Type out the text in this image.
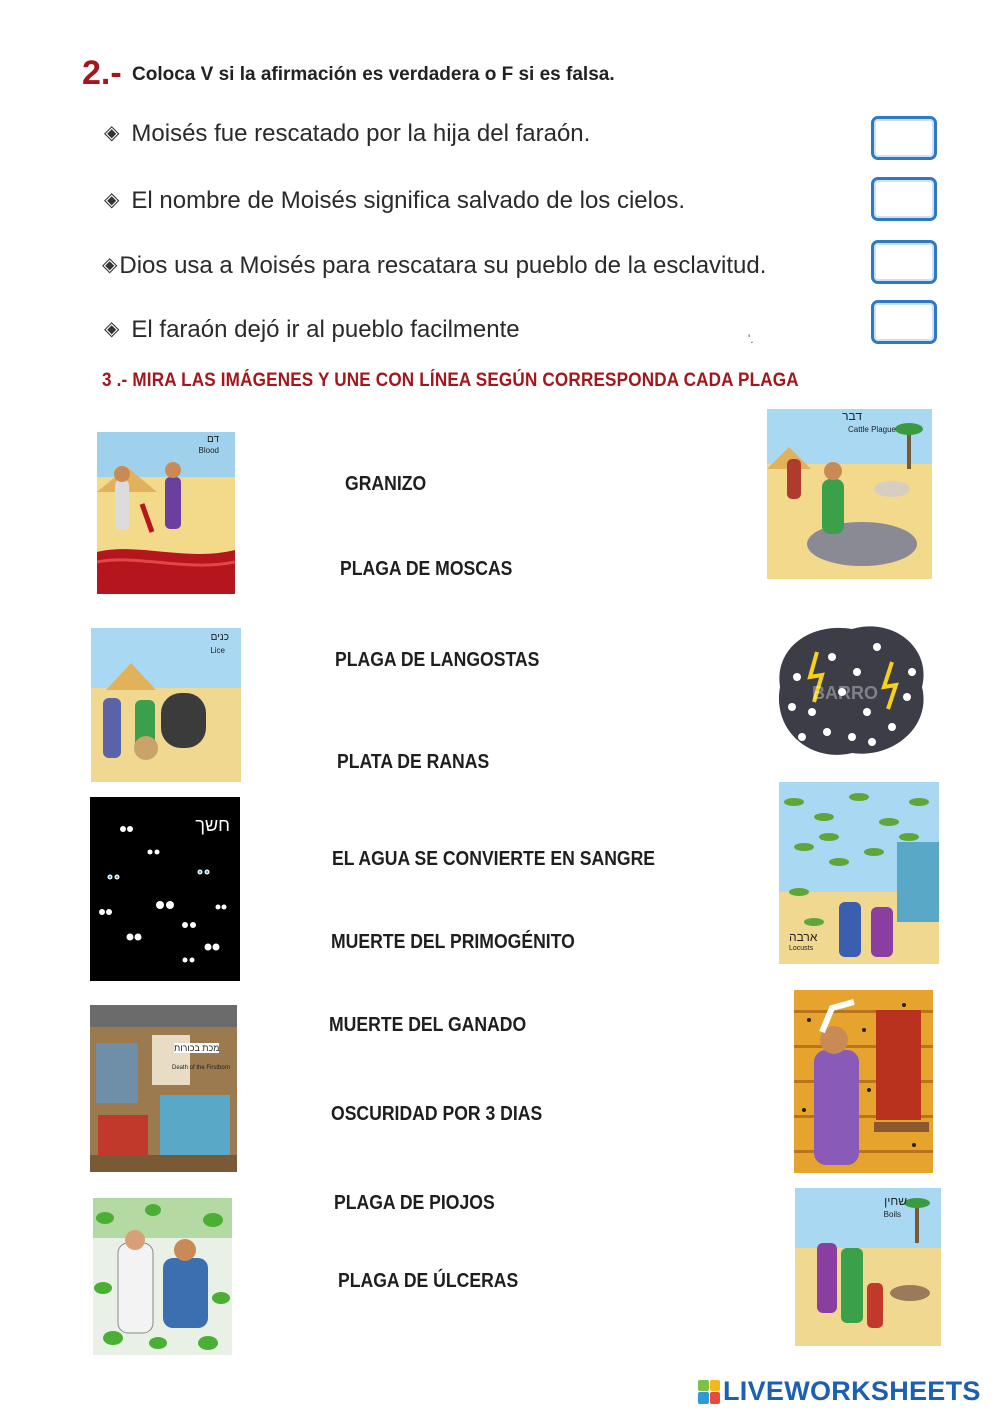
2.- Coloca V si la afirmación es verdadera o F si es falsa.
◈ Moisés fue rescatado por la hija del faraón.
◈ El nombre de Moisés significa salvado de los cielos.
◈Dios usa a Moisés para rescatara su pueblo de la esclavitud.
◈ El faraón dejó ir al pueblo facilmente	'.
3 .- MIRA LAS IMÁGENES Y UNE CON LÍNEA SEGÚN CORRESPONDA CADA PLAGA
GRANIZO
PLAGA DE MOSCAS
PLAGA DE LANGOSTAS
PLATA DE RANAS
EL AGUA SE CONVIERTE EN SANGRE
MUERTE DEL PRIMOGÉNITO
MUERTE DEL GANADO
OSCURIDAD POR 3 DIAS
PLAGA DE PIOJOS
PLAGA DE ÚLCERAS
דם
Blood
כנים
Lice
חשך
מכת בכורות
Death of the Firstborn
דבר
Cattle Plague
BARRO
ארבה
Locusts
שחין
Boils
LIVEWORKSHEETS
